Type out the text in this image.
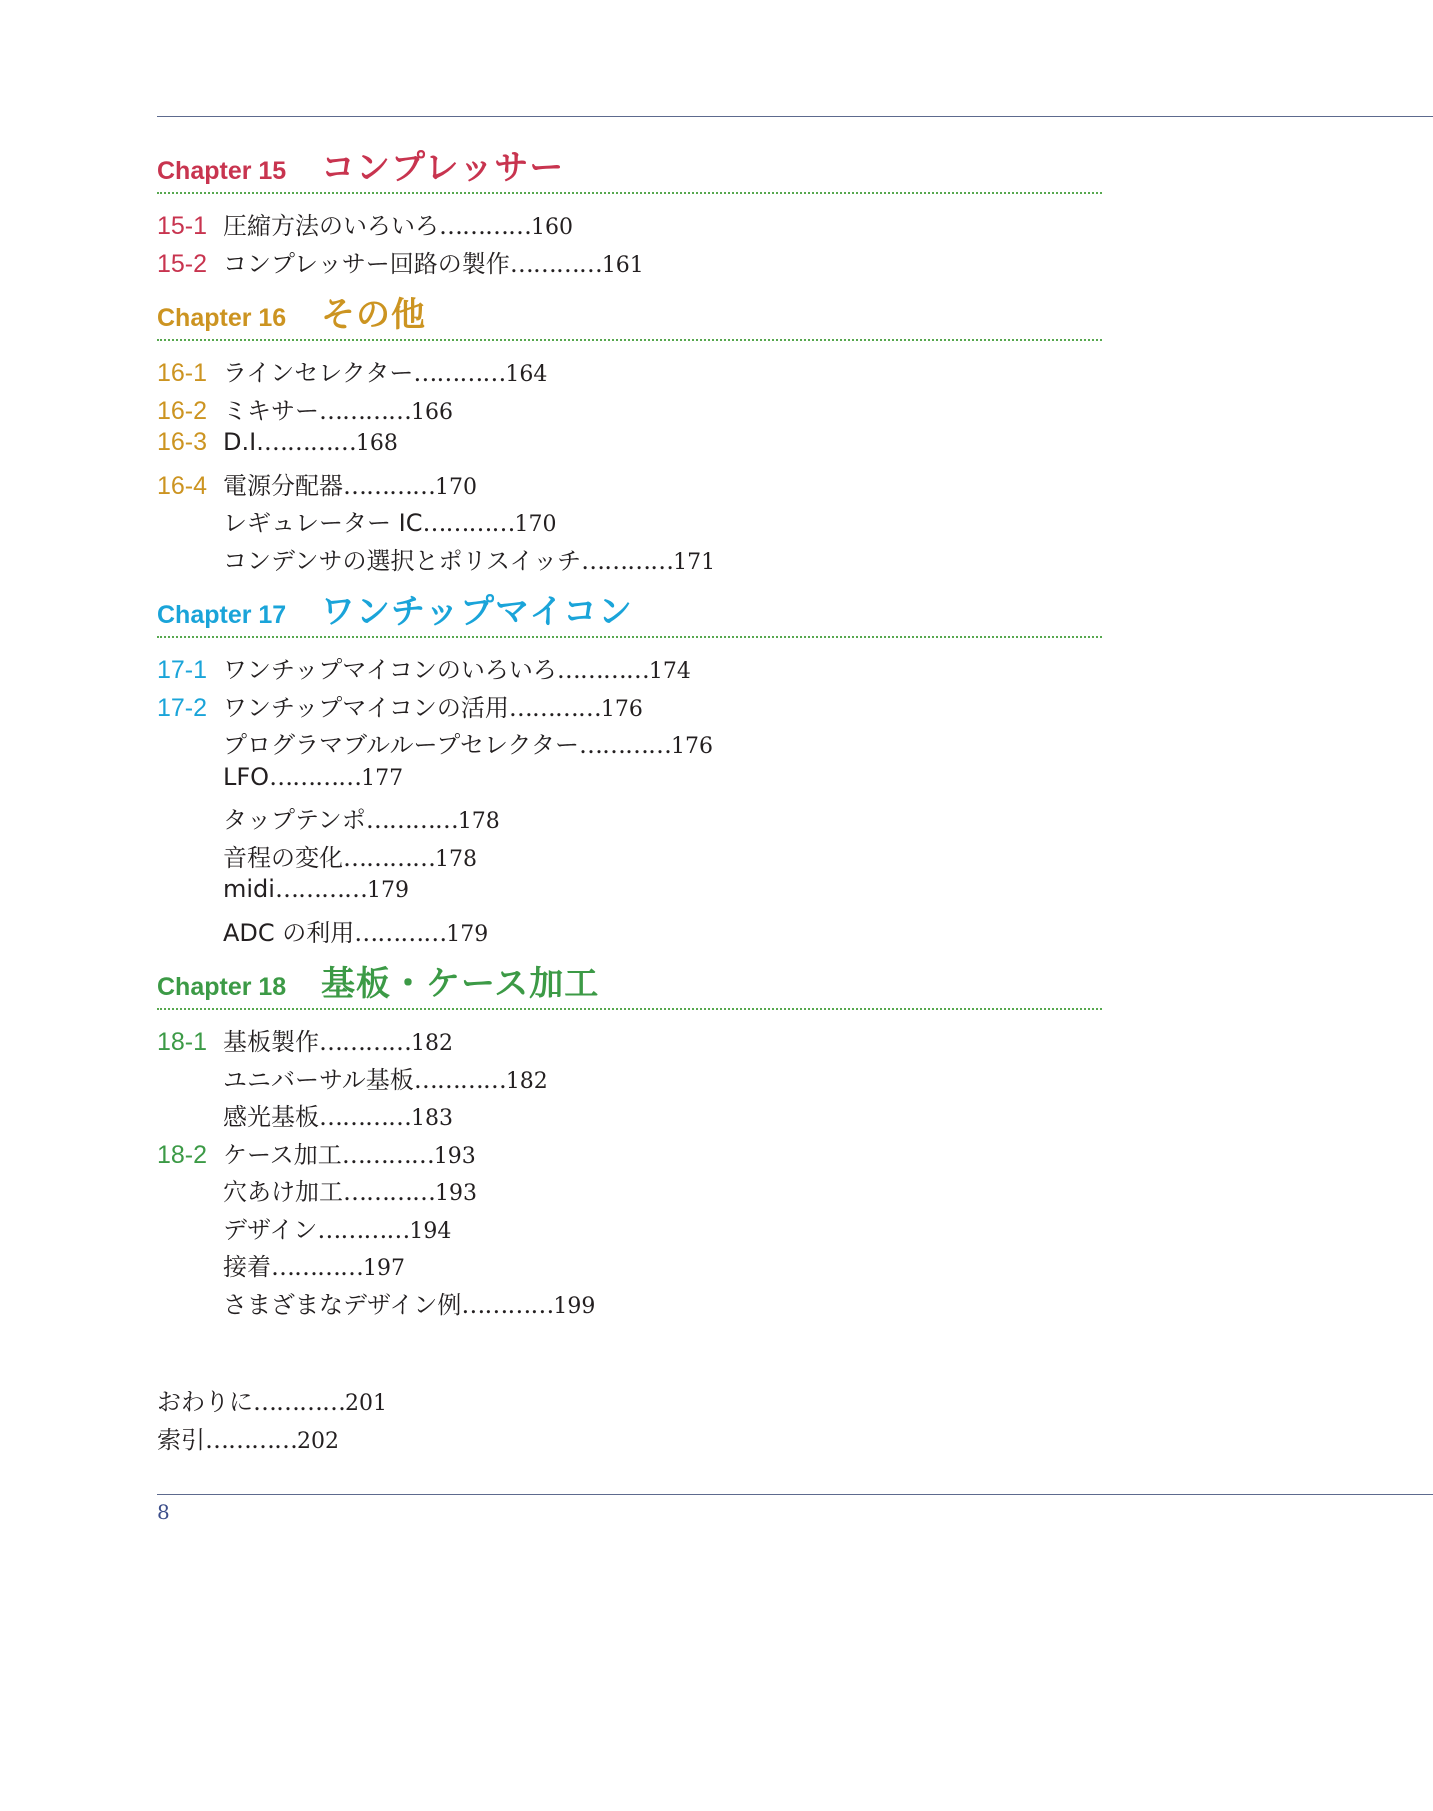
Chapter 15	コンプレッサー
15-1 圧縮方法のいろいろ ………… 160
15-2 コンプレッサー回路の製作 ………… 161
Chapter 16	その他
16-1 ラインセレクター ………… 164
16-2 ミキサー ………… 166
16-3 D.I. ………… 168
16-4 電源分配器 ………… 170
レギュレーター IC ………… 170
コンデンサの選択とポリスイッチ ………… 171
Chapter 17	ワンチップマイコン
17-1 ワンチップマイコンのいろいろ ………… 174
17-2 ワンチップマイコンの活用 ………… 176
プログラマブルループセレクター ………… 176
LFO ………… 177
タップテンポ ………… 178
音程の変化 ………… 178
midi ………… 179
ADC の利用 ………… 179
Chapter 18	基板・ケース加工
18-1 基板製作 ………… 182
ユニバーサル基板 ………… 182
感光基板 ………… 183
18-2 ケース加工 ………… 193
穴あけ加工 ………… 193
デザイン ………… 194
接着 ………… 197
さまざまなデザイン例 ………… 199
おわりに ………… 201
索引 ………… 202
8
